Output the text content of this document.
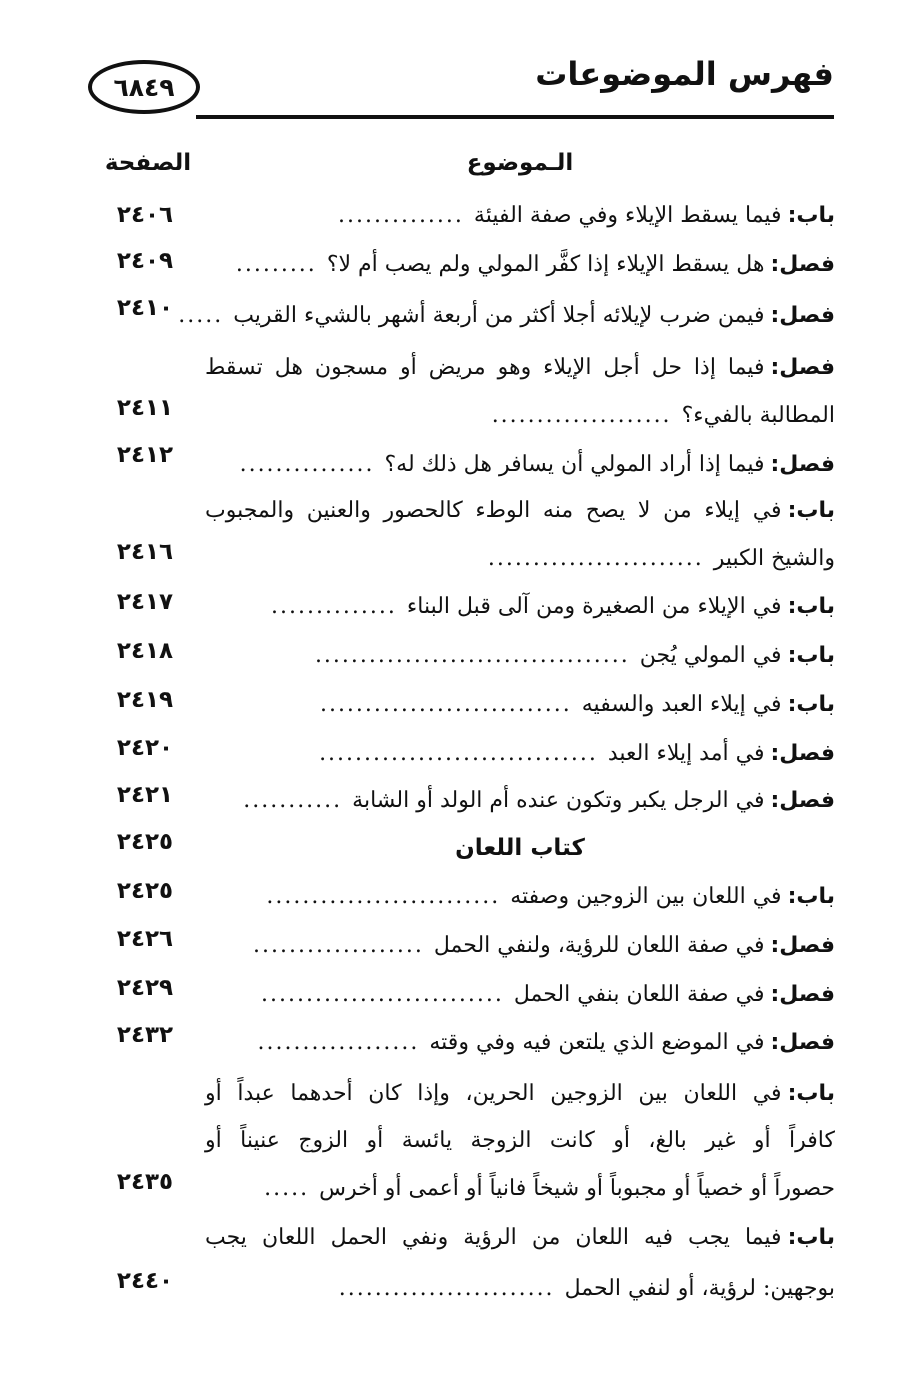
فهرس الموضوعات
٦٨٤٩
الـموضوع
الصفحة
باب:
فيما يسقط الإيلاء وفي صفة الفيئة
..............
٢٤٠٦
فصل:
هل يسقط الإيلاء إذا كفَّر المولي ولم يصب أم لا؟
.........
٢٤٠٩
فصل:
فيمن ضرب لإيلائه أجلا أكثر من أربعة أشهر بالشيء القريب
.....
٢٤١٠
فصل:
فيما إذا حل أجل الإيلاء وهو مريض أو مسجون هل تسقط
المطالبة بالفيء؟
....................
٢٤١١
فصل:
فيما إذا أراد المولي أن يسافر هل ذلك له؟
...............
٢٤١٢
باب:
في إيلاء من لا يصح منه الوطء كالحصور والعنين والمجبوب
والشيخ الكبير
........................
٢٤١٦
باب:
في الإيلاء من الصغيرة ومن آلى قبل البناء
..............
٢٤١٧
باب:
في المولي يُجن
...................................
٢٤١٨
باب:
في إيلاء العبد والسفيه
............................
٢٤١٩
فصل:
في أمد إيلاء العبد
...............................
٢٤٢٠
فصل:
في الرجل يكبر وتكون عنده أم الولد أو الشابة
...........
٢٤٢١
كتاب اللعان
٢٤٢٥
باب:
في اللعان بين الزوجين وصفته
..........................
٢٤٢٥
فصل:
في صفة اللعان للرؤية، ولنفي الحمل
...................
٢٤٢٦
فصل:
في صفة اللعان بنفي الحمل
...........................
٢٤٢٩
فصل:
في الموضع الذي يلتعن فيه وفي وقته
..................
٢٤٣٢
باب:
في اللعان بين الزوجين الحرين، وإذا كان أحدهما عبداً أو
كافراً أو غير بالغ، أو كانت الزوجة يائسة أو الزوج عنيناً أو
حصوراً أو خصياً أو مجبوباً أو شيخاً فانياً أو أعمى أو أخرس
.....
٢٤٣٥
باب:
فيما يجب فيه اللعان من الرؤية ونفي الحمل اللعان يجب
بوجهين: لرؤية، أو لنفي الحمل
........................
٢٤٤٠
